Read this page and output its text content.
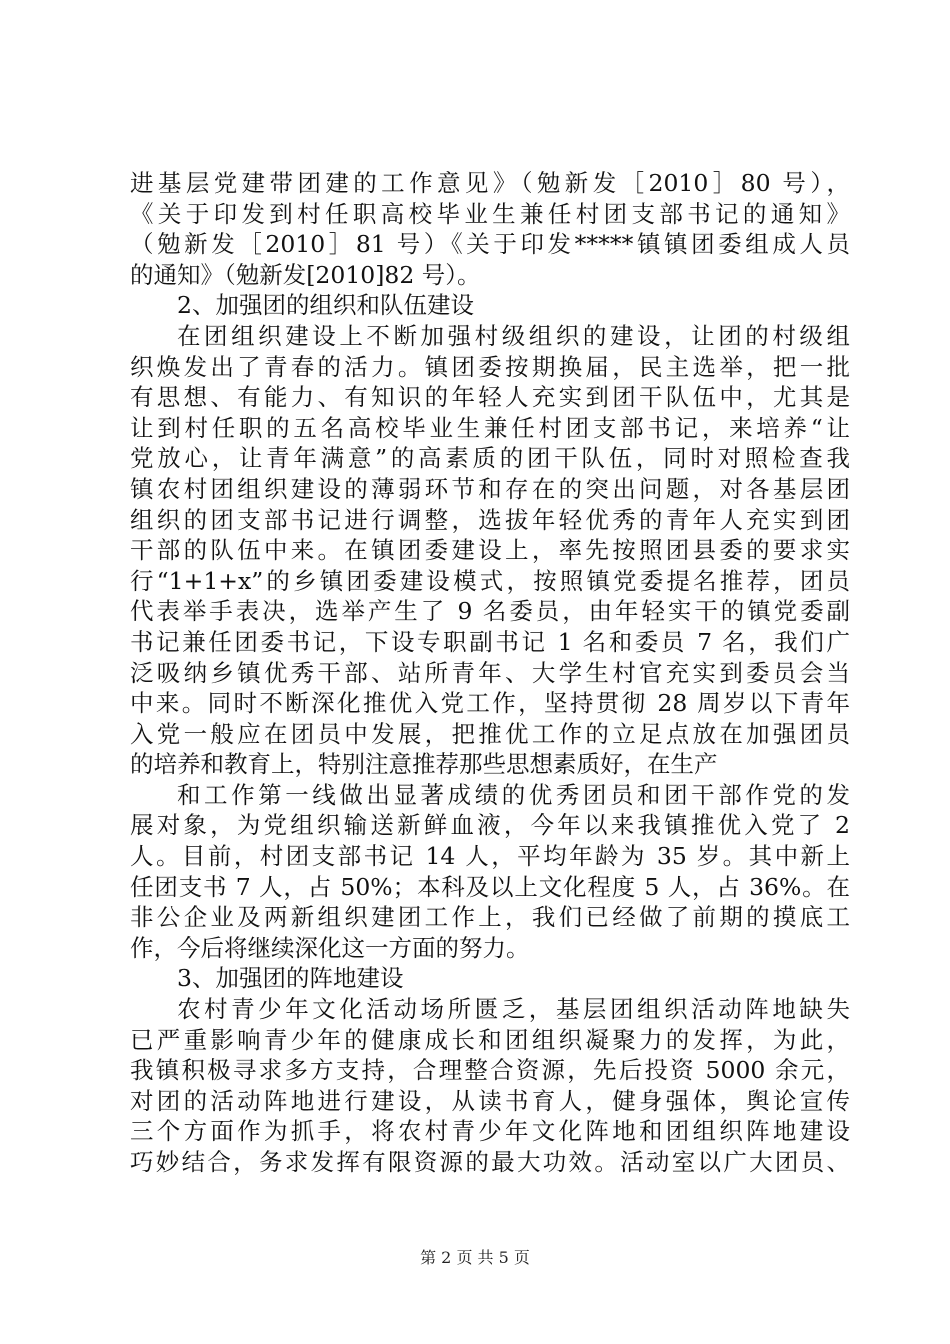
进基层党建带团建的工作意见》（勉新发［2010］80 号），
《关于印发到村任职高校毕业生兼任村团支部书记的通知》
（勉新发［2010］81 号）《关于印发*****镇镇团委组成人员
的通知》（勉新发[2010]82 号）。
2、加强团的组织和队伍建设
在团组织建设上不断加强村级组织的建设，让团的村级组
织焕发出了青春的活力。镇团委按期换届，民主选举，把一批
有思想、有能力、有知识的年轻人充实到团干队伍中，尤其是
让到村任职的五名高校毕业生兼任村团支部书记，来培养“让
党放心，让青年满意”的高素质的团干队伍，同时对照检查我
镇农村团组织建设的薄弱环节和存在的突出问题，对各基层团
组织的团支部书记进行调整，选拔年轻优秀的青年人充实到团
干部的队伍中来。在镇团委建设上，率先按照团县委的要求实
行“1+1+x”的乡镇团委建设模式，按照镇党委提名推荐，团员
代表举手表决，选举产生了 9 名委员，由年轻实干的镇党委副
书记兼任团委书记，下设专职副书记 1 名和委员 7 名，我们广
泛吸纳乡镇优秀干部、站所青年、大学生村官充实到委员会当
中来。同时不断深化推优入党工作，坚持贯彻 28 周岁以下青年
入党一般应在团员中发展，把推优工作的立足点放在加强团员
的培养和教育上，特别注意推荐那些思想素质好，在生产
和工作第一线做出显著成绩的优秀团员和团干部作党的发
展对象，为党组织输送新鲜血液，今年以来我镇推优入党了 2
人。目前，村团支部书记 14 人，平均年龄为 35 岁。其中新上
任团支书 7 人，占 50%；本科及以上文化程度 5 人，占 36%。在
非公企业及两新组织建团工作上，我们已经做了前期的摸底工
作，今后将继续深化这一方面的努力。
3、加强团的阵地建设
农村青少年文化活动场所匮乏，基层团组织活动阵地缺失
已严重影响青少年的健康成长和团组织凝聚力的发挥，为此，
我镇积极寻求多方支持，合理整合资源，先后投资 5000 余元，
对团的活动阵地进行建设，从读书育人，健身强体，舆论宣传
三个方面作为抓手，将农村青少年文化阵地和团组织阵地建设
巧妙结合，务求发挥有限资源的最大功效。活动室以广大团员、
第 2 页 共 5 页
